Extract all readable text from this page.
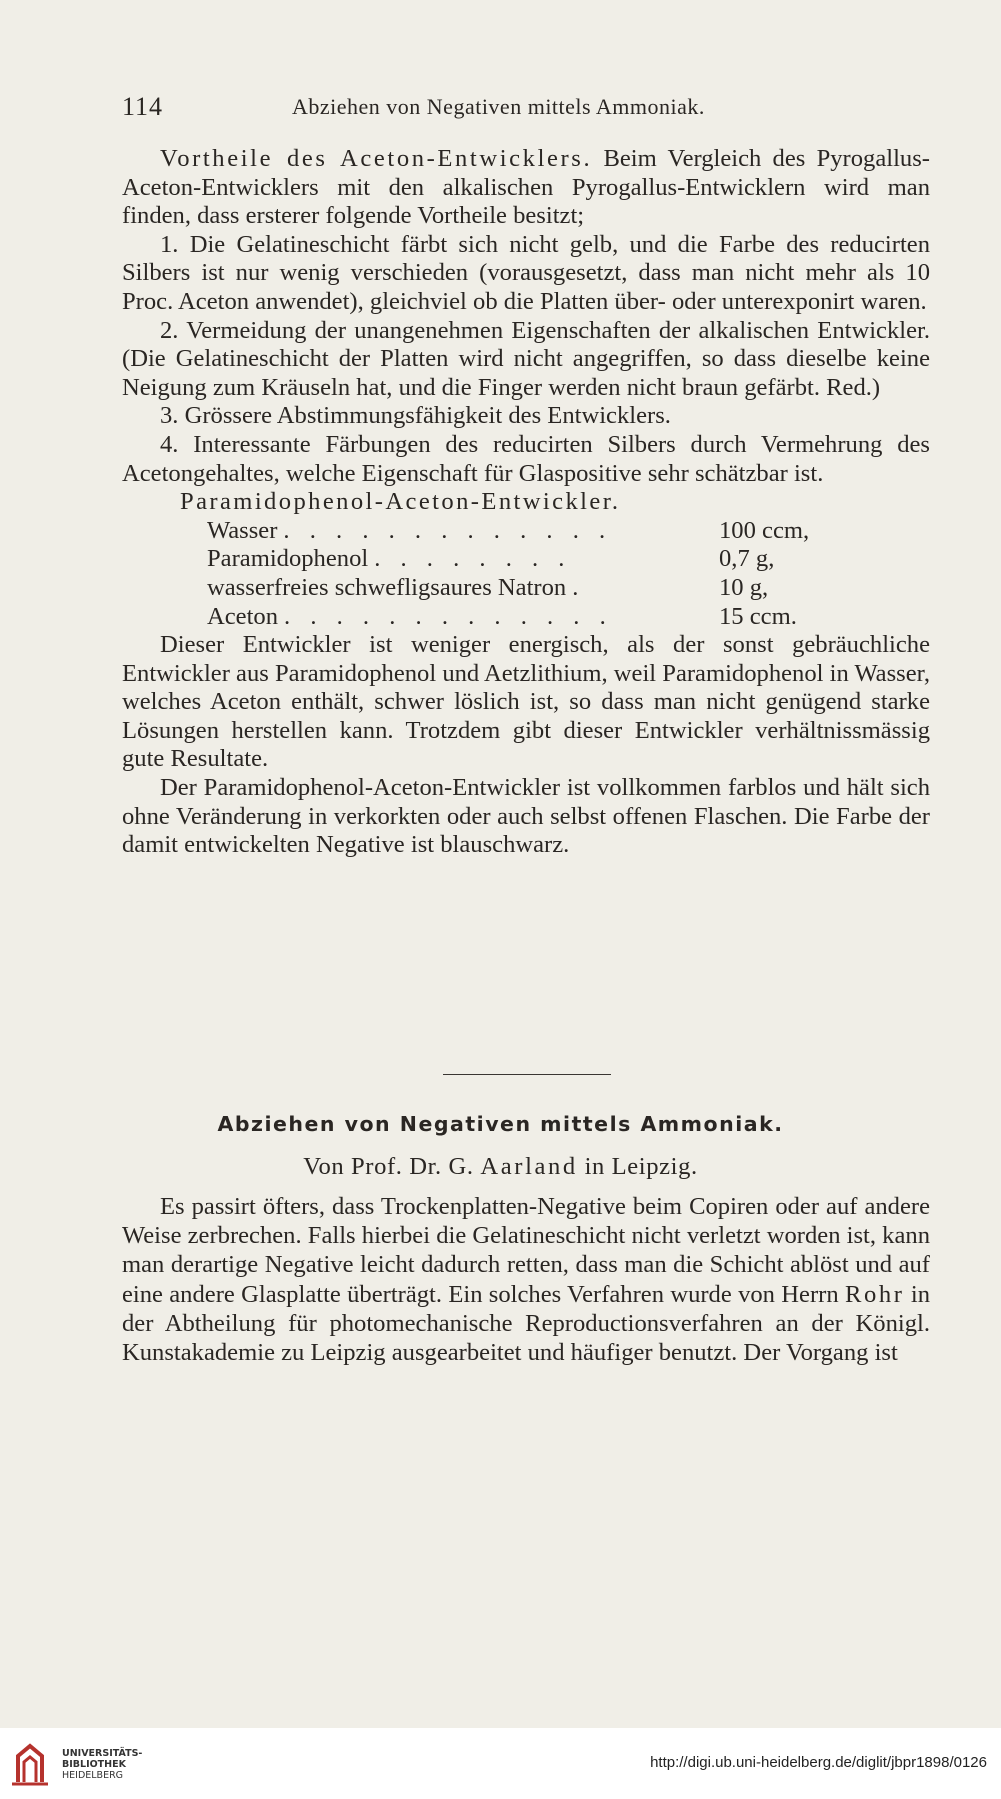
114	Abziehen von Negativen mittels Ammoniak.

Vortheile des Aceton-Entwicklers. Beim Vergleich des Pyrogallus-Aceton-Entwicklers mit den alkalischen Pyrogallus-Entwicklern wird man finden, dass ersterer folgende Vortheile besitzt;

1. Die Gelatineschicht färbt sich nicht gelb, und die Farbe des reducirten Silbers ist nur wenig verschieden (vorausgesetzt, dass man nicht mehr als 10 Proc. Aceton anwendet), gleichviel ob die Platten über- oder unterexponirt waren.

2. Vermeidung der unangenehmen Eigenschaften der alkalischen Entwickler. (Die Gelatineschicht der Platten wird nicht angegriffen, so dass dieselbe keine Neigung zum Kräuseln hat, und die Finger werden nicht braun gefärbt. Red.)

3. Grössere Abstimmungsfähigkeit des Entwicklers.

4. Interessante Färbungen des reducirten Silbers durch Vermehrung des Acetongehaltes, welche Eigenschaft für Glaspositive sehr schätzbar ist.

Paramidophenol-Aceton-Entwickler.

Wasser . . . . . . . . . . . . .	100 ccm,
Paramidophenol . . . . . . . .	0,7 g,
wasserfreies schwefligsaures Natron .	10 g,
Aceton . . . . . . . . . . . . .	15 ccm.

Dieser Entwickler ist weniger energisch, als der sonst gebräuchliche Entwickler aus Paramidophenol und Aetzlithium, weil Paramidophenol in Wasser, welches Aceton enthält, schwer löslich ist, so dass man nicht genügend starke Lösungen herstellen kann. Trotzdem gibt dieser Entwickler verhältnissmässig gute Resultate.

Der Paramidophenol-Aceton-Entwickler ist vollkommen farblos und hält sich ohne Veränderung in verkorkten oder auch selbst offenen Flaschen. Die Farbe der damit entwickelten Negative ist blauschwarz.

Abziehen von Negativen mittels Ammoniak.
Von Prof. Dr. G. Aarland in Leipzig.

Es passirt öfters, dass Trockenplatten-Negative beim Copiren oder auf andere Weise zerbrechen. Falls hierbei die Gelatineschicht nicht verletzt worden ist, kann man derartige Negative leicht dadurch retten, dass man die Schicht ablöst und auf eine andere Glasplatte überträgt. Ein solches Verfahren wurde von Herrn Rohr in der Abtheilung für photomechanische Reproductionsverfahren an der Königl. Kunstakademie zu Leipzig ausgearbeitet und häufiger benutzt. Der Vorgang ist

UNIVERSITÄTS-
BIBLIOTHEK
HEIDELBERG
http://digi.ub.uni-heidelberg.de/diglit/jbpr1898/0126
